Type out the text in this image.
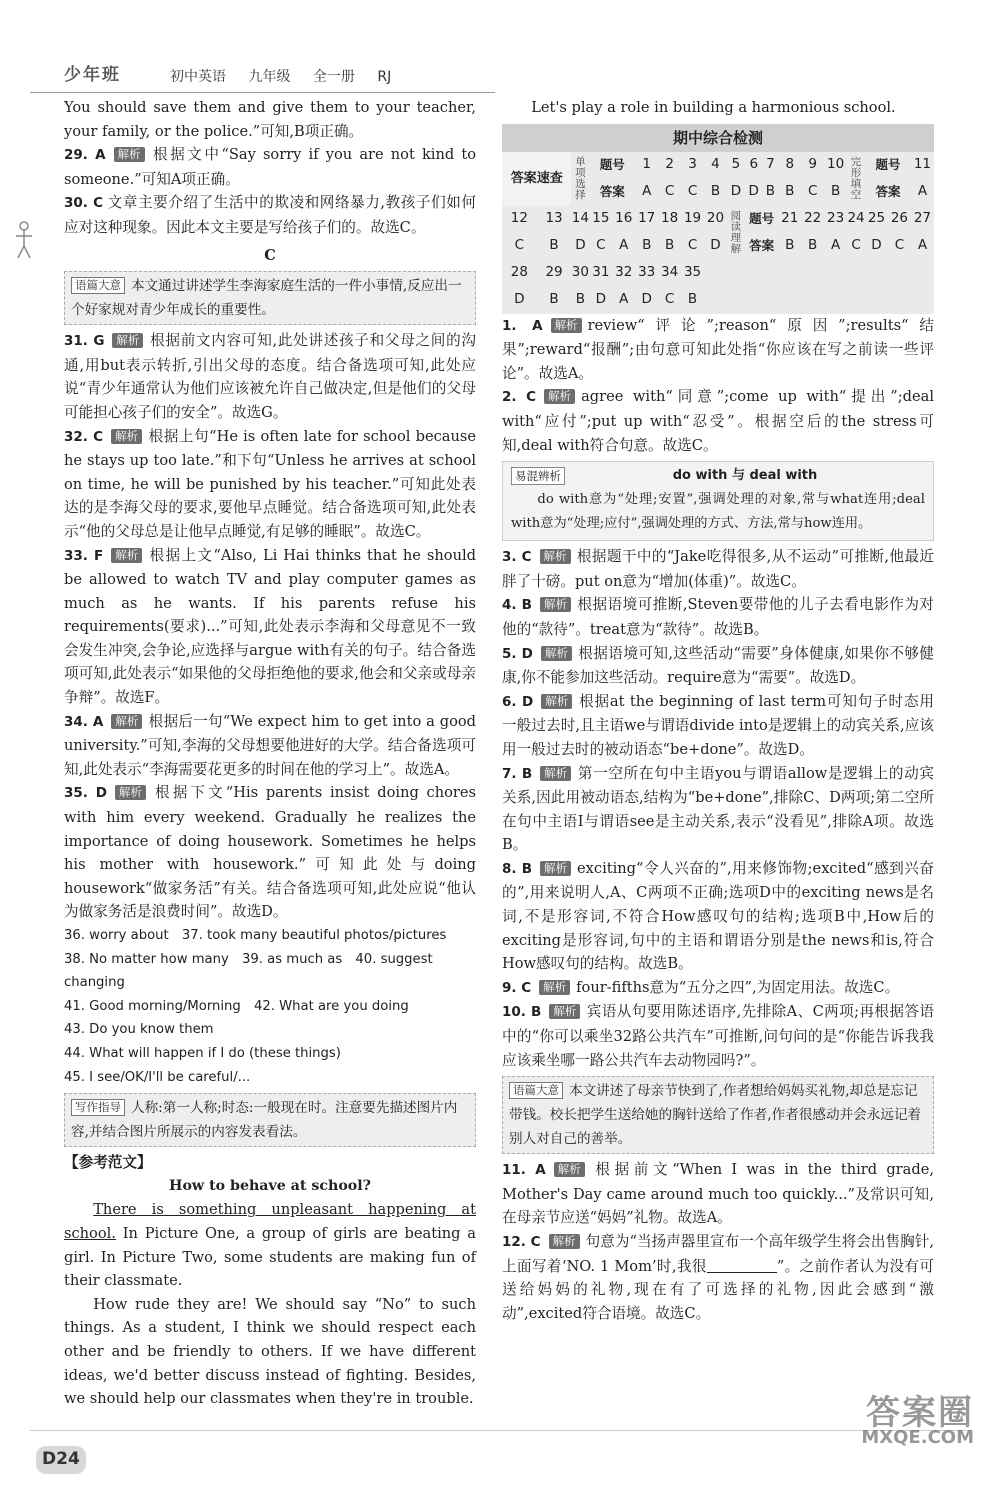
少年班	初中英语 九年级 全一册 RJ
You should save them and give them to your teacher, your family, or the police.”可知,B项正确。
29. A 解析 根据文中“Say sorry if you are not kind to someone.”可知A项正确。
30. C 文章主要介绍了生活中的欺凌和网络暴力,教孩子们如何应对这种现象。因此本文主要是写给孩子们的。故选C。
C
语篇大意 本文通过讲述学生李海家庭生活的一件小事情,反应出一个好家规对青少年成长的重要性。
31. G 解析 根据前文内容可知,此处讲述孩子和父母之间的沟通,用but表示转折,引出父母的态度。结合备选项可知,此处应说“青少年通常认为他们应该被允许自己做决定,但是他们的父母可能担心孩子们的安全”。故选G。
32. C 解析 根据上句“He is often late for school because he stays up too late.”和下句“Unless he arrives at school on time, he will be punished by his teacher.”可知此处表达的是李海父母的要求,要他早点睡觉。结合备选项可知,此处表示“他的父母总是让他早点睡觉,有足够的睡眠”。故选C。
33. F 解析 根据上文“Also, Li Hai thinks that he should be allowed to watch TV and play computer games as much as he wants. If his parents refuse his requirements(要求)...”可知,此处表示李海和父母意见不一致会发生冲突,会争论,应选择与argue with有关的句子。结合备选项可知,此处表示“如果他的父母拒绝他的要求,他会和父亲或母亲争辩”。故选F。
34. A 解析 根据后一句“We expect him to get into a good university.”可知,李海的父母想要他进好的大学。结合备选项可知,此处表示“李海需要花更多的时间在他的学习上”。故选A。
35. D 解析 根据下文“His parents insist doing chores with him every weekend. Gradually he realizes the importance of doing housework. Sometimes he helps his mother with housework.”可知此处与doing housework“做家务活”有关。结合备选项可知,此处应说“他认为做家务活是浪费时间”。故选D。
36. worry about　37. took many beautiful photos/pictures
38. No matter how many　39. as much as　40. suggest changing
41. Good morning/Morning　42. What are you doing
43. Do you know them
44. What will happen if I do (these things)
45. I see/OK/I'll be careful/...
写作指导 人称:第一人称;时态:一般现在时。注意要先描述图片内容,并结合图片所展示的内容发表看法。
【参考范文】
How to behave at school?
There is something unpleasant happening at school. In Picture One, a group of girls are beating a girl. In Picture Two, some students are making fun of their classmate.
How rude they are! We should say “No” to such things. As a student, I think we should respect each other and be friendly to others. If we have different ideas, we'd better discuss instead of fighting. Besides, we should help our classmates when they're in trouble.
Let's play a role in building a harmonious school.
期中综合检测
答案速查		单项选择	题号		1	2	3	4	5	6	7	8	9	10	完形填空	题号		11
			答案		A	C	C	B	D	D	B	B	C	B		答案		A
12	13	14	15	16	17	18	19	20	阅读理解	题号		21	22	23	24	25	26	27
C	B	D	C	A	B	B	C	D		答案		B	B	A	C	D	C	A
28	29	30	31	32	33	34	35											
D	B	B	D	A	D	C	B											
1. A 解析 review“评论”;reason“原因”;results“结果”;reward“报酬”;由句意可知此处指“你应该在写之前读一些评论”。故选A。
2. C 解析 agree with“同意”;come up with“提出”;deal with“应付”;put up with“忍受”。根据空后的the stress可知,deal with符合句意。故选C。
易混辨析	do with 与 deal with
do with意为“处理;安置”,强调处理的对象,常与what连用;deal with意为“处理;应付”,强调处理的方式、方法,常与how连用。
3. C 解析 根据题干中的“Jake吃得很多,从不运动”可推断,他最近胖了十磅。put on意为“增加(体重)”。故选C。
4. B 解析 根据语境可推断,Steven要带他的儿子去看电影作为对他的“款待”。treat意为“款待”。故选B。
5. D 解析 根据语境可知,这些活动“需要”身体健康,如果你不够健康,你不能参加这些活动。require意为“需要”。故选D。
6. D 解析 根据at the beginning of last term可知句子时态用一般过去时,且主语we与谓语divide into是逻辑上的动宾关系,应该用一般过去时的被动语态“be+done”。故选D。
7. B 解析 第一空所在句中主语you与谓语allow是逻辑上的动宾关系,因此用被动语态,结构为“be+done”,排除C、D两项;第二空所在句中主语I与谓语see是主动关系,表示“没看见”,排除A项。故选B。
8. B 解析 exciting“令人兴奋的”,用来修饰物;excited“感到兴奋的”,用来说明人,A、C两项不正确;选项D中的exciting news是名词,不是形容词,不符合How感叹句的结构;选项B中,How后的exciting是形容词,句中的主语和谓语分别是the news和is,符合How感叹句的结构。故选B。
9. C 解析 four-fifths意为“五分之四”,为固定用法。故选C。
10. B 解析 宾语从句要用陈述语序,先排除A、C两项;再根据答语中的“你可以乘坐32路公共汽车”可推断,问句问的是“你能告诉我我应该乘坐哪一路公共汽车去动物园吗?”。
语篇大意 本文讲述了母亲节快到了,作者想给妈妈买礼物,却总是忘记带钱。校长把学生送给她的胸针送给了作者,作者很感动并会永远记着别人对自己的善举。
11. A 解析 根据前文“When I was in the third grade, Mother's Day came around much too quickly...”及常识可知,在母亲节应送“妈妈”礼物。故选A。
12. C 解析 句意为“当扬声器里宣布一个高年级学生将会出售胸针,上面写着‘NO. 1 Mom’时,我很	”。之前作者认为没有可送给妈妈的礼物,现在有了可选择的礼物,因此会感到“激动”,excited符合语境。故选C。
D24
答案圈
MXQE.COM
